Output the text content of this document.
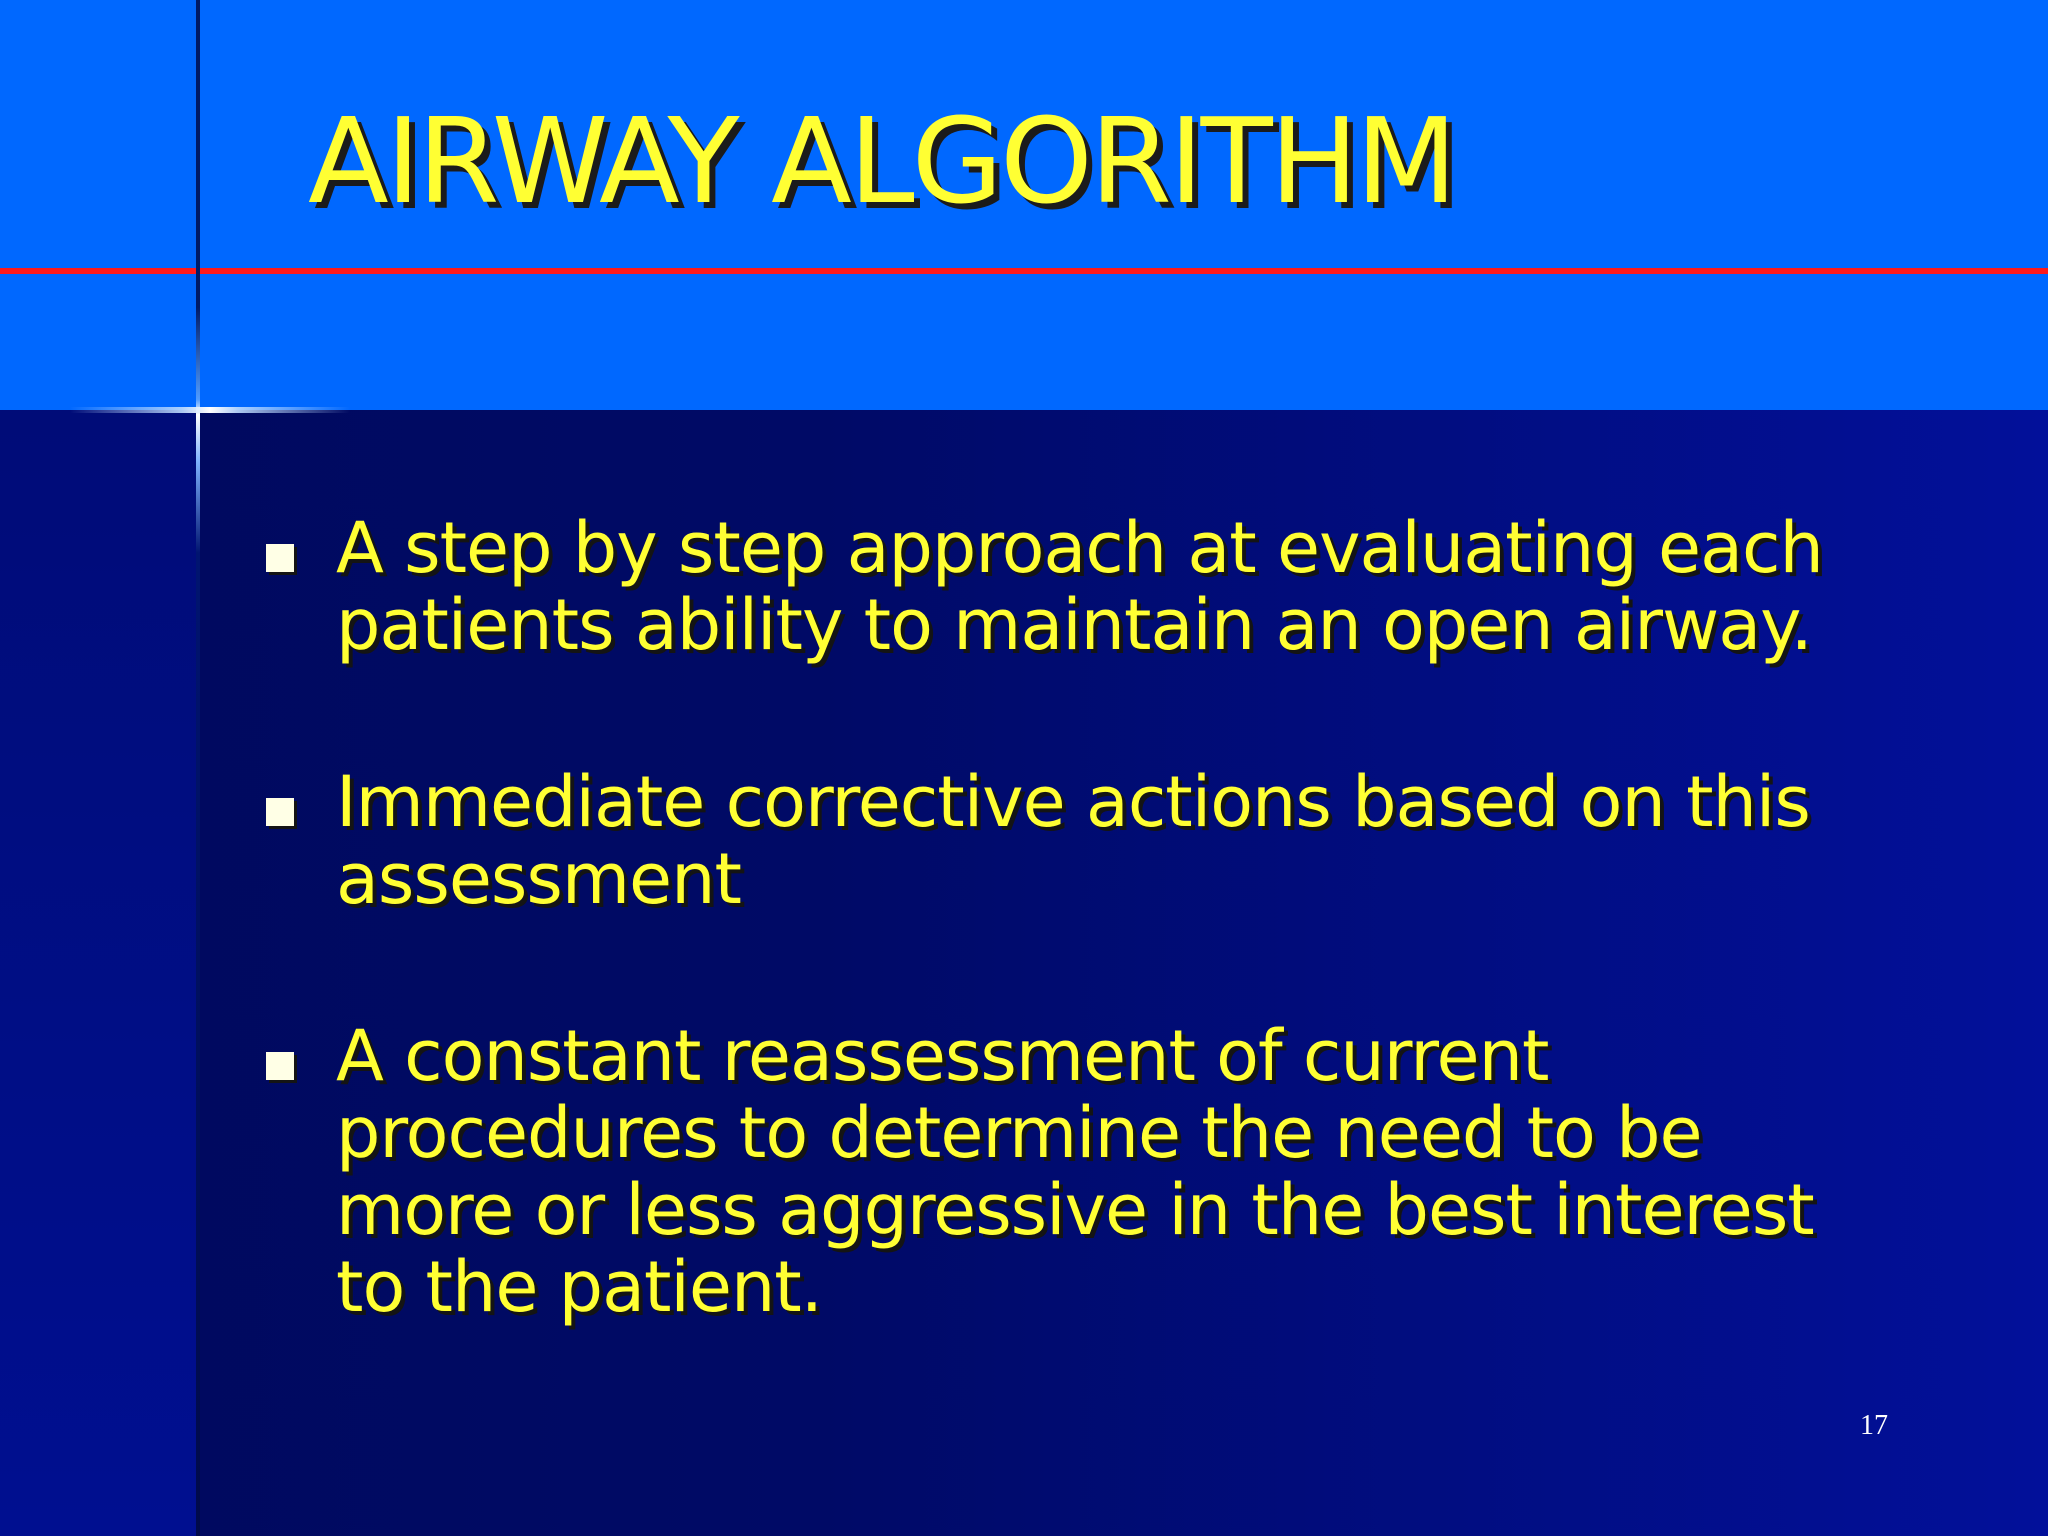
AIRWAY ALGORITHM
A step by step approach at evaluating each patients ability to maintain an open airway.
Immediate corrective actions based on this assessment
A constant reassessment of current procedures to determine the need to be more or less aggressive in the best interest to the patient.
17
